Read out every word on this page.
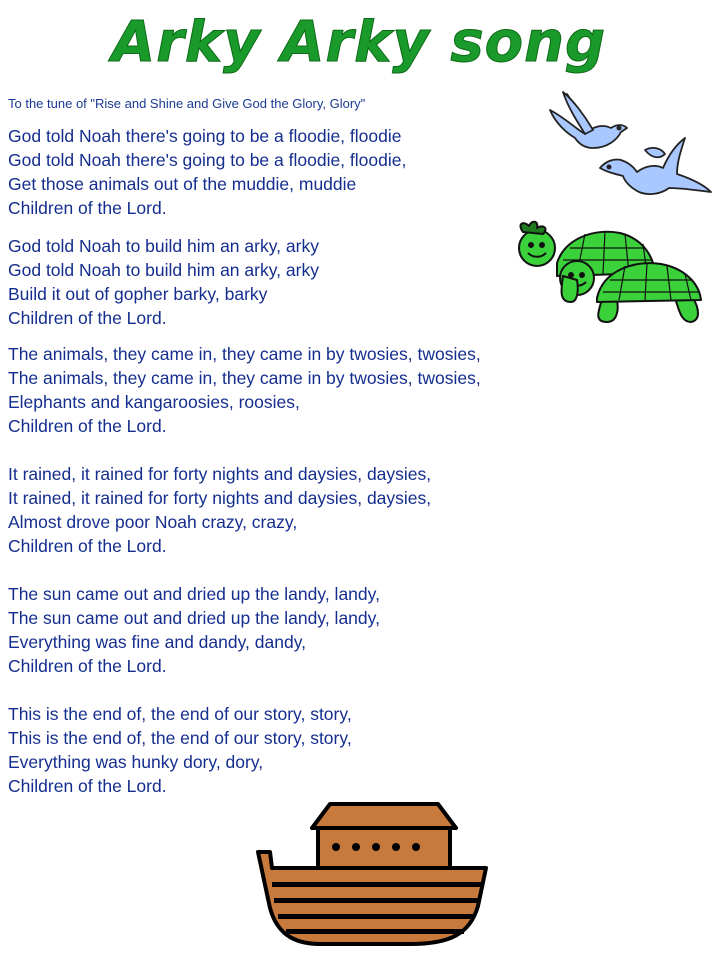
Arky Arky song
To the tune of "Rise and Shine and Give God the Glory, Glory"
God told Noah there's going to be a floodie, floodie
God told Noah there's going to be a floodie, floodie,
Get those animals out of the muddie, muddie
Children of the Lord.
God told Noah to build him an arky, arky
God told Noah to build him an arky, arky
Build it out of gopher barky, barky
Children of the Lord.
The animals, they came in, they came in by twosies, twosies,
The animals, they came in, they came in by twosies, twosies,
Elephants and kangaroosies, roosies,
Children of the Lord.
It rained, it rained for forty nights and daysies, daysies,
It rained, it rained for forty nights and daysies, daysies,
Almost drove poor Noah crazy, crazy,
Children of the Lord.
The sun came out and dried up the landy, landy,
The sun came out and dried up the landy, landy,
Everything was fine and dandy, dandy,
Children of the Lord.
This is the end of, the end of our story, story,
This is the end of, the end of our story, story,
Everything was hunky dory, dory,
Children of the Lord.
